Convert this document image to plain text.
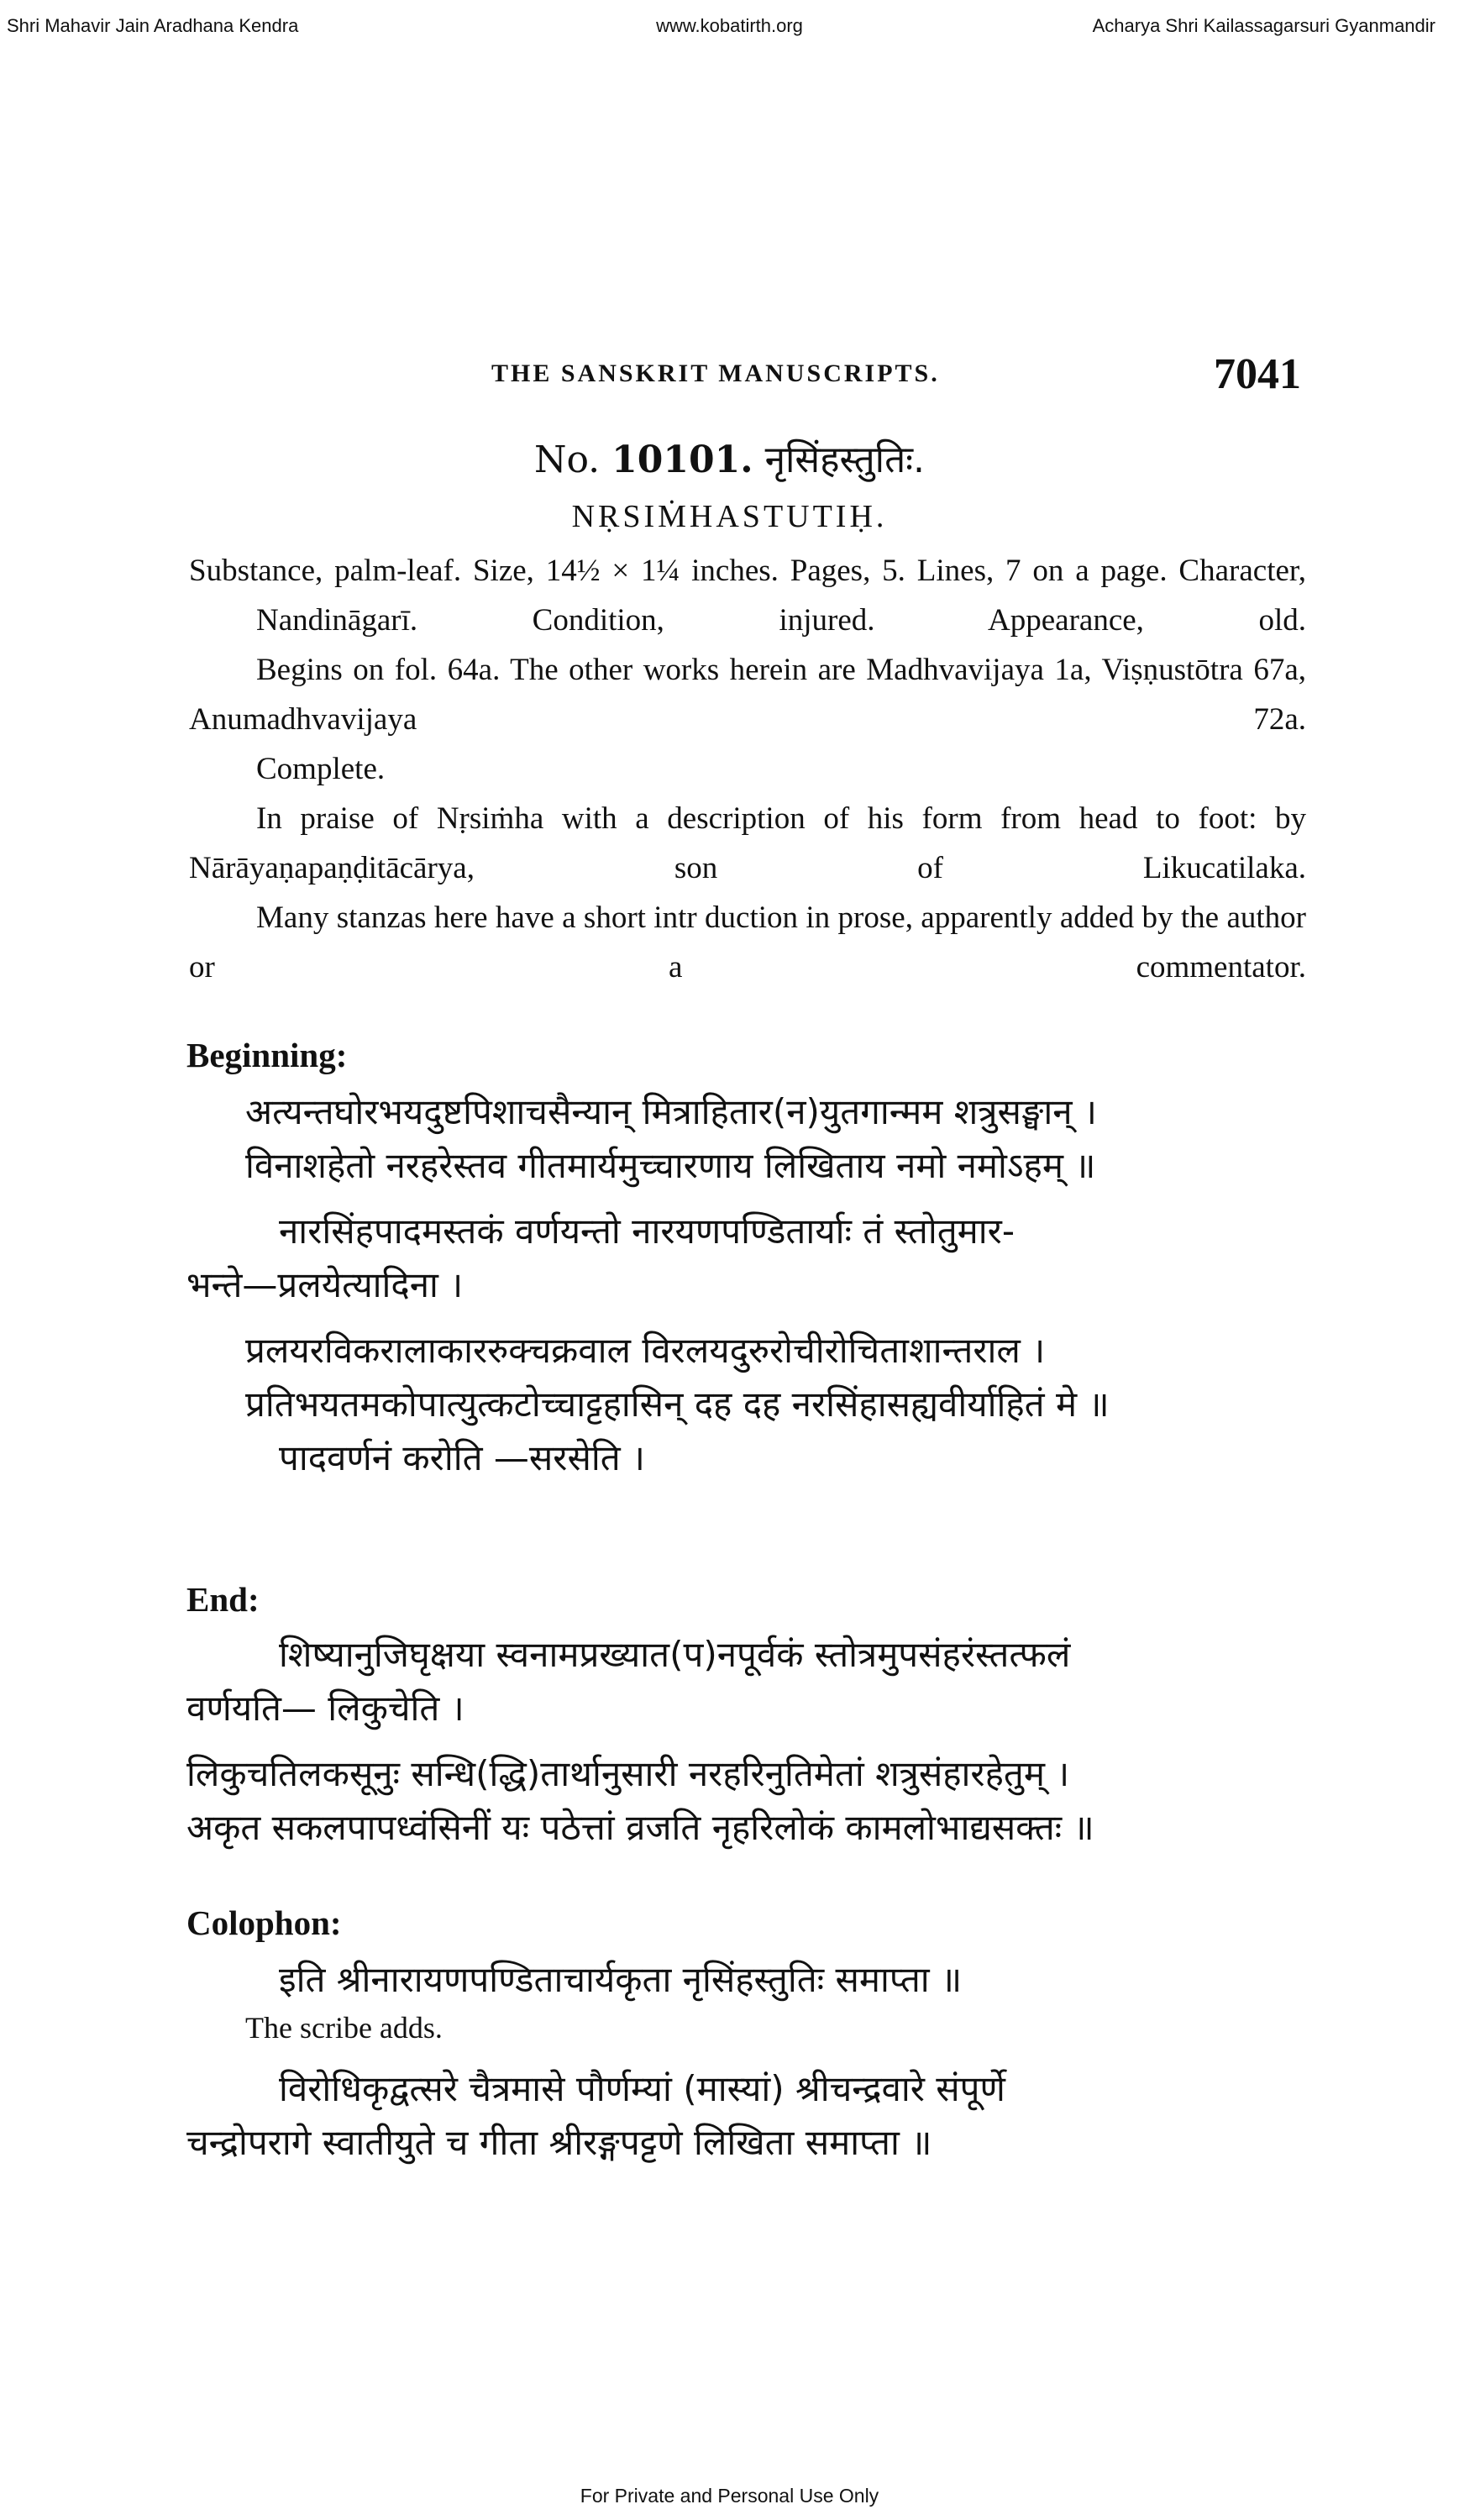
Shri Mahavir Jain Aradhana Kendra	www.kobatirth.org	Acharya Shri Kailassagarsuri Gyanmandir
THE SANSKRIT MANUSCRIPTS.	7041
No. 10101. नृसिंहस्तुतिः.
NṚSIṀHASTUTIḤ.

Substance, palm-leaf. Size, 14½ × 1¼ inches. Pages, 5. Lines, 7 on a page. Character, Nandināgarī. Condition, injured. Appearance, old.

Begins on fol. 64a. The other works herein are Madhvavijaya 1a, Viṣṇustōtra 67a, Anumadhvavijaya 72a.

Complete.

In praise of Nṛsiṁha with a description of his form from head to foot: by Nārāyaṇapaṇḍitācārya, son of Likucatilaka.

Many stanzas here have a short intr duction in prose, apparently added by the author or a commentator.

Beginning:
अत्यन्तघोरभयदुष्टपिशाचसैन्यान् मित्राहितार(न)युतगान्मम शत्रुसङ्घान् ।
विनाशहेतो नरहरेस्तव गीतमार्यमुच्चारणाय लिखिताय नमो नमोऽहम् ॥
नारसिंहपादमस्तकं वर्णयन्तो नारयणपण्डितार्याः तं स्तोतुमार-
भन्ते—प्रलयेत्यादिना ।
प्रलयरविकरालाकाररुक्चक्रवाल विरलयदुरुरोचीरोचिताशान्तराल ।
प्रतिभयतमकोपात्युत्कटोच्चाट्टहासिन् दह दह नरसिंहासह्यवीर्याहितं मे ॥
पादवर्णनं करोति —सरसेति ।
End:
शिष्यानुजिघृक्षया स्वनामप्रख्यात(प)नपूर्वकं स्तोत्रमुपसंहरंस्तत्फलं
वर्णयति— लिकुचेति ।
लिकुचतिलकसूनुः सन्धि(द्धि)तार्थानुसारी नरहरिनुतिमेतां शत्रुसंहारहेतुम् ।
अकृत सकलपापध्वंसिनीं यः पठेत्तां व्रजति नृहरिलोकं कामलोभाद्यसक्तः ॥
Colophon:
इति श्रीनारायणपण्डिताचार्यकृता नृसिंहस्तुतिः समाप्ता ॥
The scribe adds.
विरोधिकृद्वत्सरे चैत्रमासे पौर्णम्यां (मास्यां) श्रीचन्द्रवारे संपूर्णे
चन्द्रोपरागे स्वातीयुते च गीता श्रीरङ्गपट्टणे लिखिता समाप्ता ॥
For Private and Personal Use Only
